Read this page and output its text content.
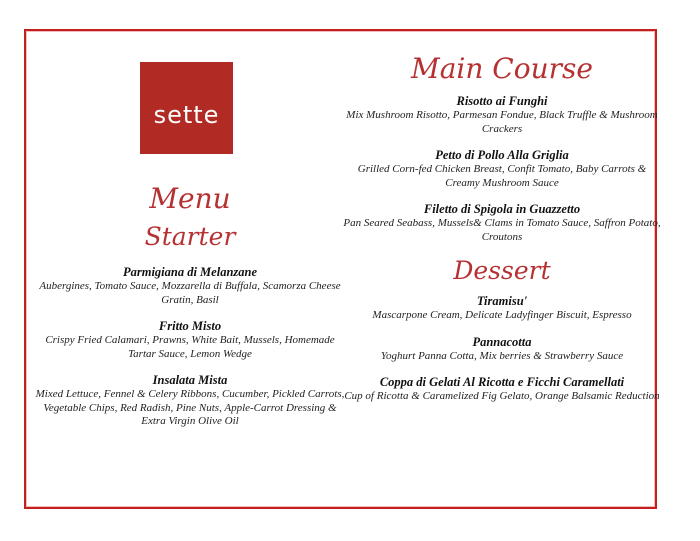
sette
Menu
Starter
Parmigiana di Melanzane
Aubergines, Tomato Sauce, Mozzarella di Buffala, Scamorza Cheese Gratin, Basil
Fritto Misto
Crispy Fried Calamari, Prawns, White Bait, Mussels, Homemade Tartar Sauce, Lemon Wedge
Insalata Mista
Mixed Lettuce, Fennel & Celery Ribbons, Cucumber, Pickled Carrots, Vegetable Chips, Red Radish, Pine Nuts, Apple-Carrot Dressing & Extra Virgin Olive Oil
Main Course
Risotto ai Funghi
Mix Mushroom Risotto, Parmesan Fondue, Black Truffle & Mushroom Crackers
Petto di Pollo Alla Griglia
Grilled Corn-fed Chicken Breast, Confit Tomato, Baby Carrots & Creamy Mushroom Sauce
Filetto di Spigola in Guazzetto
Pan Seared Seabass, Mussels& Clams in Tomato Sauce, Saffron Potato, Croutons
Dessert
Tiramisu'
Mascarpone Cream, Delicate Ladyfinger Biscuit, Espresso
Pannacotta
Yoghurt Panna Cotta, Mix berries & Strawberry Sauce
Coppa di Gelati Al Ricotta e Ficchi Caramellati
Cup of Ricotta & Caramelized Fig Gelato, Orange Balsamic Reduction
